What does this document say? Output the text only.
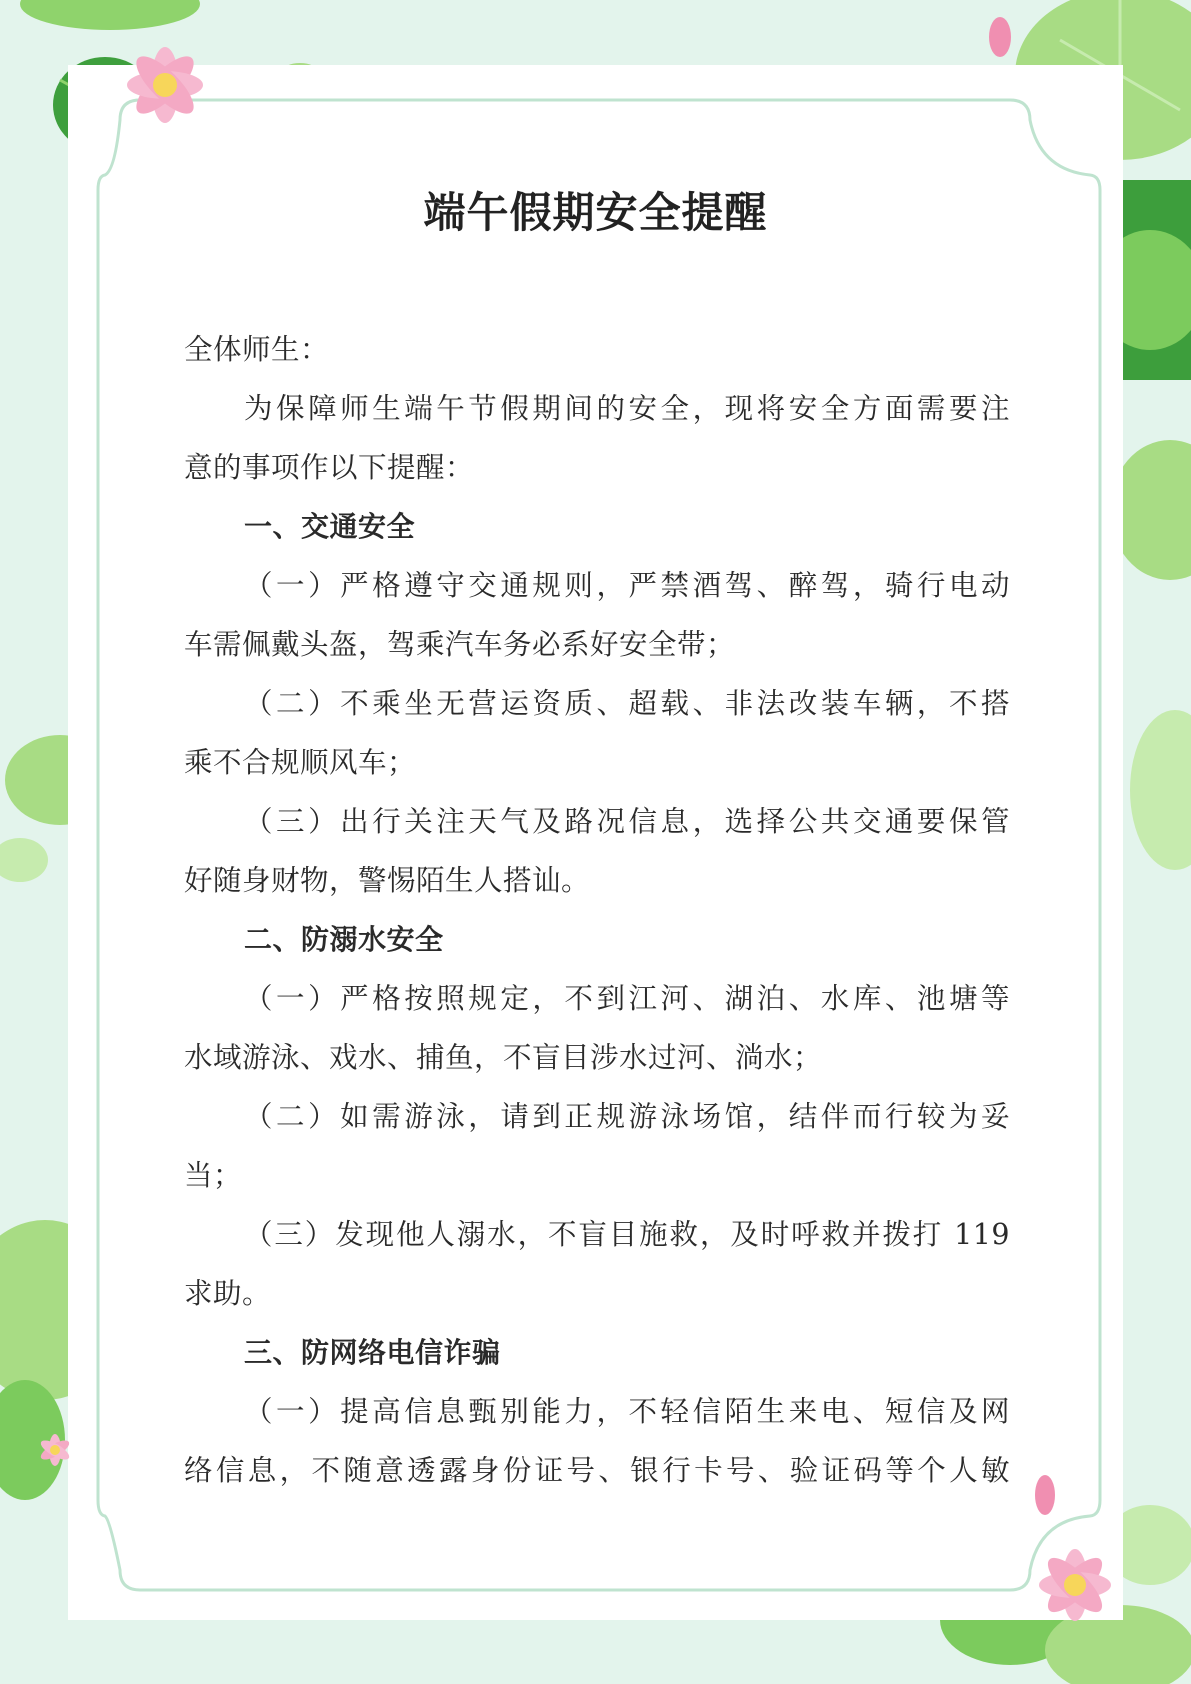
端午假期安全提醒
全体师生：
为保障师生端午节假期间的安全，现将安全方面需要注
意的事项作以下提醒：
一、交通安全
（一）严格遵守交通规则，严禁酒驾、醉驾，骑行电动
车需佩戴头盔，驾乘汽车务必系好安全带；
（二）不乘坐无营运资质、超载、非法改装车辆，不搭
乘不合规顺风车；
（三）出行关注天气及路况信息，选择公共交通要保管
好随身财物，警惕陌生人搭讪。
二、防溺水安全
（一）严格按照规定，不到江河、湖泊、水库、池塘等
水域游泳、戏水、捕鱼，不盲目涉水过河、淌水；
（二）如需游泳，请到正规游泳场馆，结伴而行较为妥
当；
（三）发现他人溺水，不盲目施救，及时呼救并拨打 119
求助。
三、防网络电信诈骗
（一）提高信息甄别能力，不轻信陌生来电、短信及网
络信息，不随意透露身份证号、银行卡号、验证码等个人敏
